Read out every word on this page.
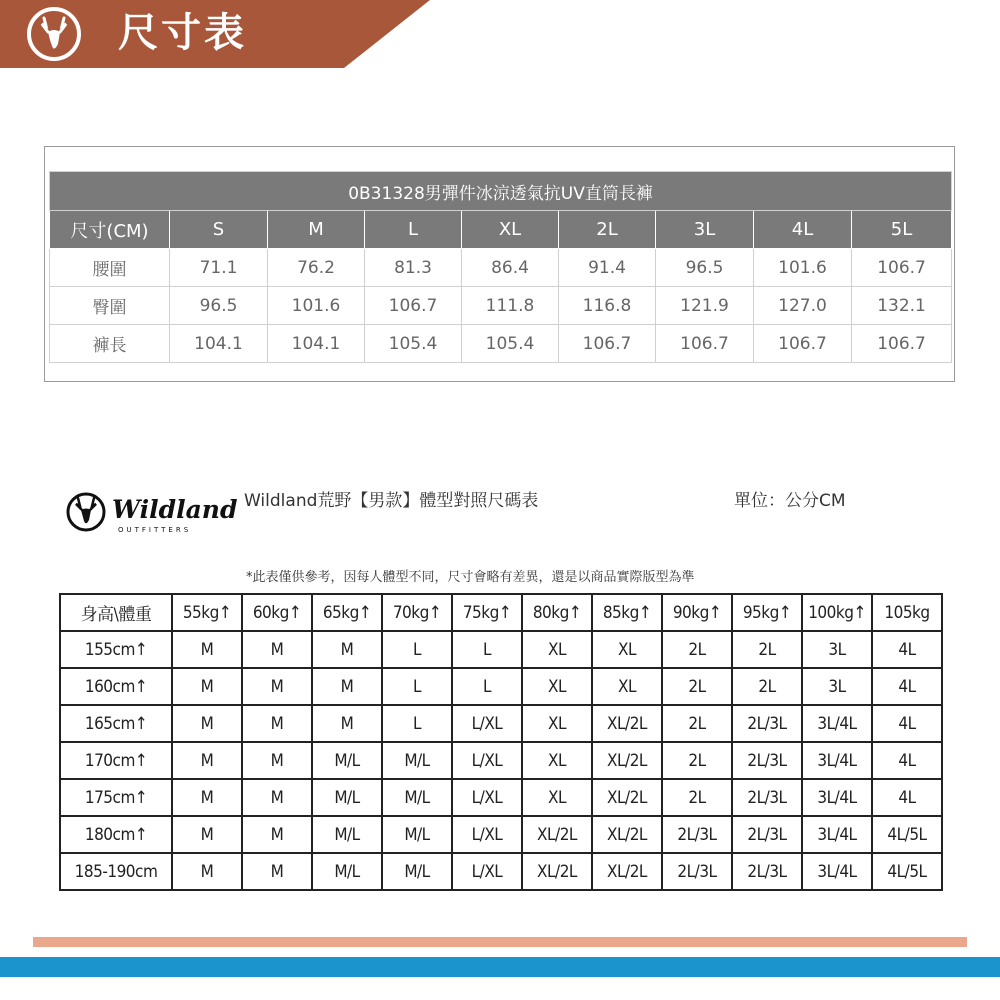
尺寸表
0B31328男彈件冰涼透氣抗UV直筒長褲								
尺寸(CM)	S	M	L	XL	2L	3L	4L	5L
腰圍	71.1	76.2	81.3	86.4	91.4	96.5	101.6	106.7
臀圍	96.5	101.6	106.7	111.8	116.8	121.9	127.0	132.1
褲長	104.1	104.1	105.4	105.4	106.7	106.7	106.7	106.7
Wildland
OUTFITTERS
Wildland荒野【男款】體型對照尺碼表	單位：公分CM
*此表僅供參考，因每人體型不同，尺寸會略有差異，還是以商品實際版型為準
身高\體重	55kg↑	60kg↑	65kg↑	70kg↑	75kg↑	80kg↑	85kg↑	90kg↑	95kg↑	100kg↑	105kg
155cm↑	M	M	M	L	L	XL	XL	2L	2L	3L	4L
160cm↑	M	M	M	L	L	XL	XL	2L	2L	3L	4L
165cm↑	M	M	M	L	L/XL	XL	XL/2L	2L	2L/3L	3L/4L	4L
170cm↑	M	M	M/L	M/L	L/XL	XL	XL/2L	2L	2L/3L	3L/4L	4L
175cm↑	M	M	M/L	M/L	L/XL	XL	XL/2L	2L	2L/3L	3L/4L	4L
180cm↑	M	M	M/L	M/L	L/XL	XL/2L	XL/2L	2L/3L	2L/3L	3L/4L	4L/5L
185-190cm	M	M	M/L	M/L	L/XL	XL/2L	XL/2L	2L/3L	2L/3L	3L/4L	4L/5L
